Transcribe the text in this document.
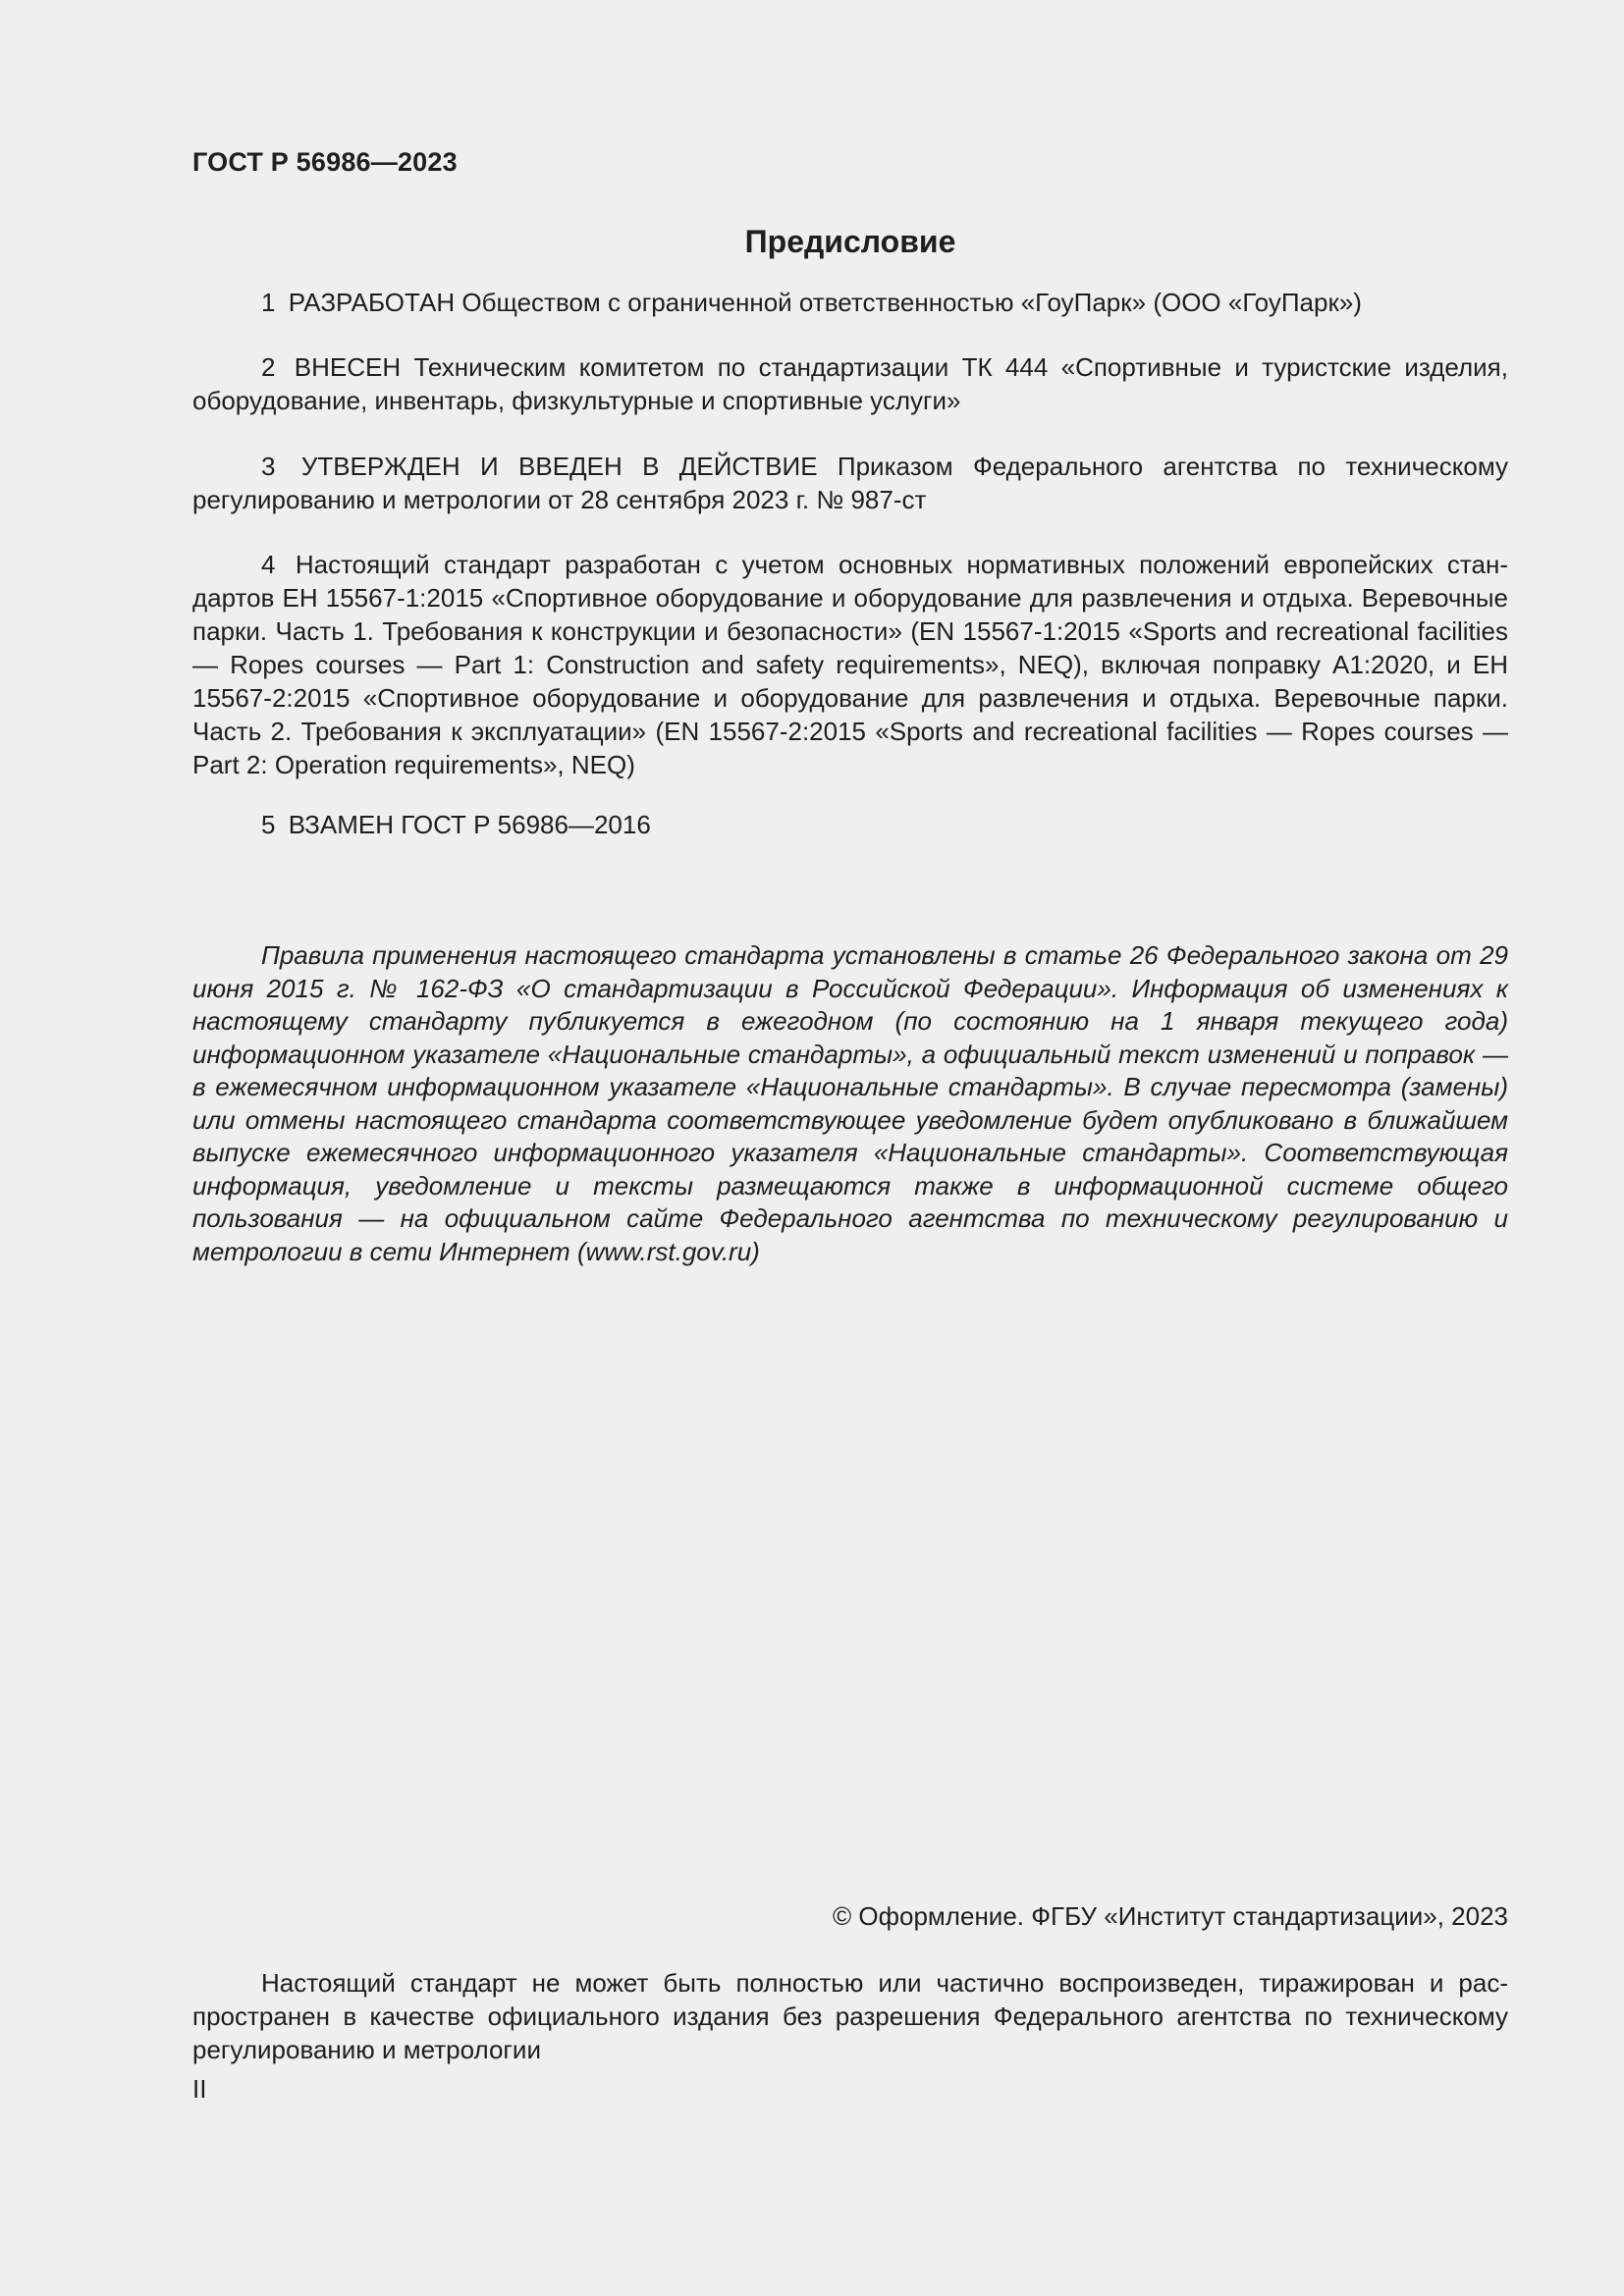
ГОСТ Р 56986—2023
Предисловие

1 РАЗРАБОТАН Обществом с ограниченной ответственностью «ГоуПарк» (ООО «ГоуПарк»)

2 ВНЕСЕН Техническим комитетом по стандартизации ТК 444 «Спортивные и туристские изделия, оборудование, инвентарь, физкультурные и спортивные услуги»

3 УТВЕРЖДЕН И ВВЕДЕН В ДЕЙСТВИЕ Приказом Федерального агентства по техническому регулированию и метрологии от 28 сентября 2023 г. № 987-ст

4 Настоящий стандарт разработан с учетом основных нормативных положений европейских стандартов ЕН 15567-1:2015 «Спортивное оборудование и оборудование для развлечения и отдыха. Веревочные парки. Часть 1. Требования к конструкции и безопасности» (EN 15567-1:2015 «Sports and recreational facilities — Ropes courses — Part 1: Construction and safety requirements», NEQ), включая поправку А1:2020, и ЕН 15567-2:2015 «Спортивное оборудование и оборудование для развлечения и отдыха. Веревочные парки. Часть 2. Требования к эксплуатации» (EN 15567-2:2015 «Sports and recreational facilities — Ropes courses — Part 2: Operation requirements», NEQ)

5 ВЗАМЕН ГОСТ Р 56986—2016

Правила применения настоящего стандарта установлены в статье 26 Федерального закона от 29 июня 2015 г. № 162-ФЗ «О стандартизации в Российской Федерации». Информация об изменениях к настоящему стандарту публикуется в ежегодном (по состоянию на 1 января текущего года) информационном указателе «Национальные стандарты», а официальный текст изменений и поправок — в ежемесячном информационном указателе «Национальные стандарты». В случае пересмотра (замены) или отмены настоящего стандарта соответствующее уведомление будет опубликовано в ближайшем выпуске ежемесячного информационного указателя «Национальные стандарты». Соответствующая информация, уведомление и тексты размещаются также в информационной системе общего пользования — на официальном сайте Федерального агентства по техническому регулированию и метрологии в сети Интернет (www.rst.gov.ru)

© Оформление. ФГБУ «Институт стандартизации», 2023

Настоящий стандарт не может быть полностью или частично воспроизведен, тиражирован и распространен в качестве официального издания без разрешения Федерального агентства по техническому регулированию и метрологии

II
